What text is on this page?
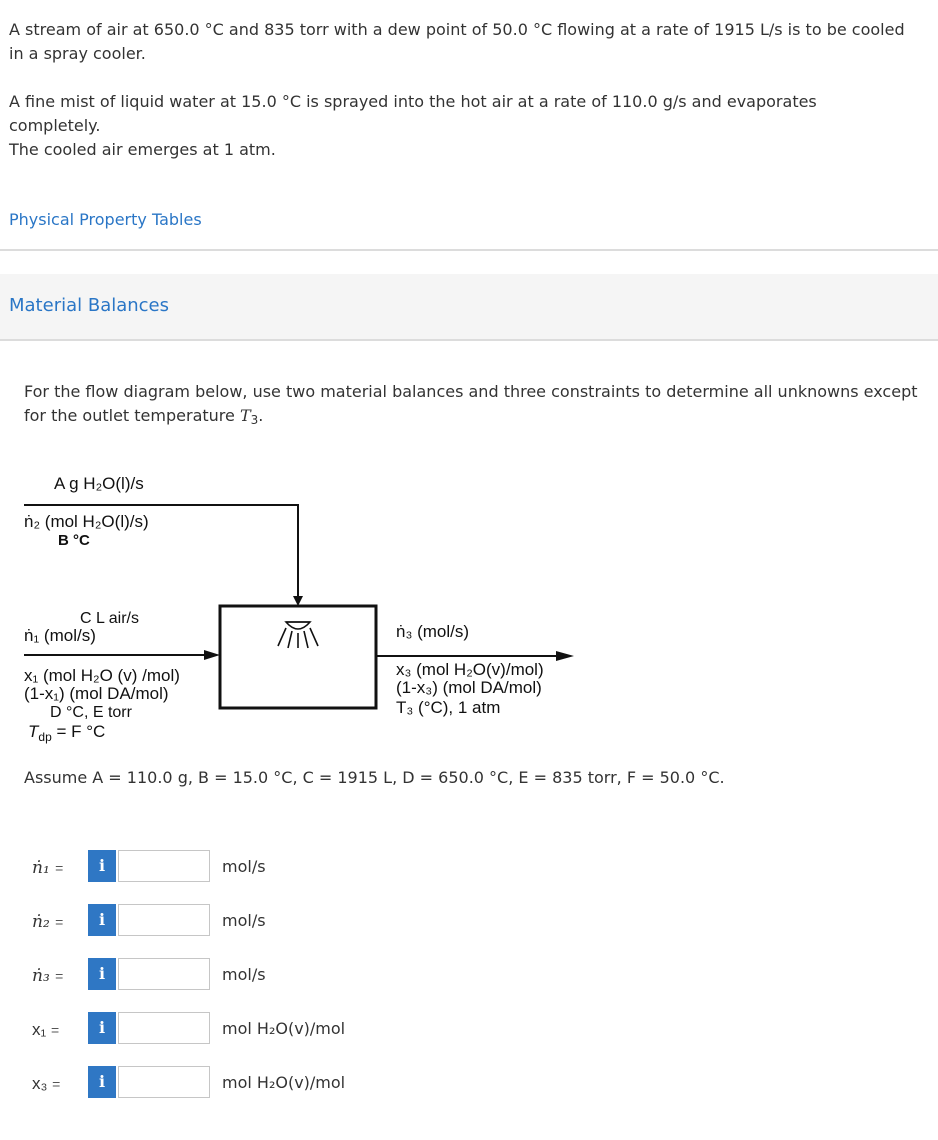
A stream of air at 650.0 °C and 835 torr with a dew point of 50.0 °C flowing at a rate of 1915 L/s is to be cooled in a spray cooler.

A fine mist of liquid water at 15.0 °C is sprayed into the hot air at a rate of 110.0 g/s and evaporates completely.

The cooled air emerges at 1 atm.

Physical Property Tables
Material Balances
For the flow diagram below, use two material balances and three constraints to determine all unknowns except for the outlet temperature $T_3$.
A g H₂O(l)/s
ṅ₂ (mol H₂O(l)/s)
B °C
C L air/s
ṅ₁ (mol/s)
x₁ (mol H₂O (v) /mol)
(1-x₁) (mol DA/mol)
D °C, E torr
$T_{dp} = F$ °C
ṅ₃ (mol/s)
x₃ (mol H₂O(v)/mol)
(1-x₃) (mol DA/mol)
T₃ (°C), 1 atm
Assume A = 110.0 g, B = 15.0 °C, C = 1915 L, D = 650.0 °C, E = 835 torr, F = 50.0 °C.
ṅ₁ =	i	mol/s
ṅ₂ =	i	mol/s
ṅ₃ =	i	mol/s
x₁ =	i	mol H₂O(v)/mol
x₃ =	i	mol H₂O(v)/mol
